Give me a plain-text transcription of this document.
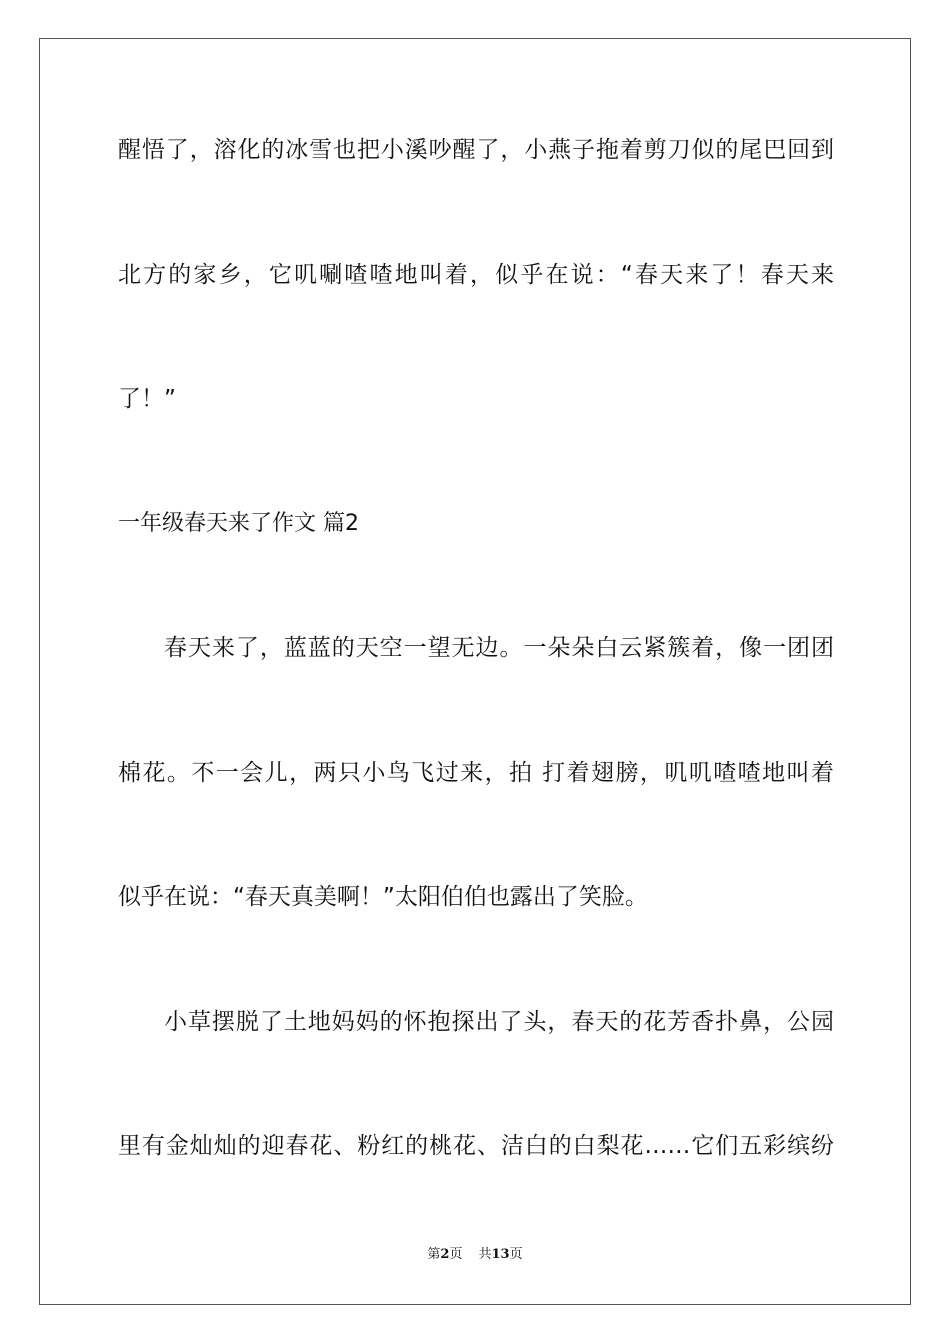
醒悟了，溶化的冰雪也把小溪吵醒了，小燕子拖着剪刀似的尾巴回到
北方的家乡，它叽唰喳喳地叫着，似乎在说：“春天来了！春天来
了！”
一年级春天来了作文 篇2
春天来了，蓝蓝的天空一望无边。一朵朵白云紧簇着，像一团团
棉花。不一会儿，两只小鸟飞过来，拍 打着翅膀，叽叽喳喳地叫着
似乎在说：“春天真美啊！”太阳伯伯也露出了笑脸。
小草摆脱了土地妈妈的怀抱探出了头，春天的花芳香扑鼻，公园
里有金灿灿的迎春花、粉红的桃花、洁白的白梨花……它们五彩缤纷
第2页 共13页
